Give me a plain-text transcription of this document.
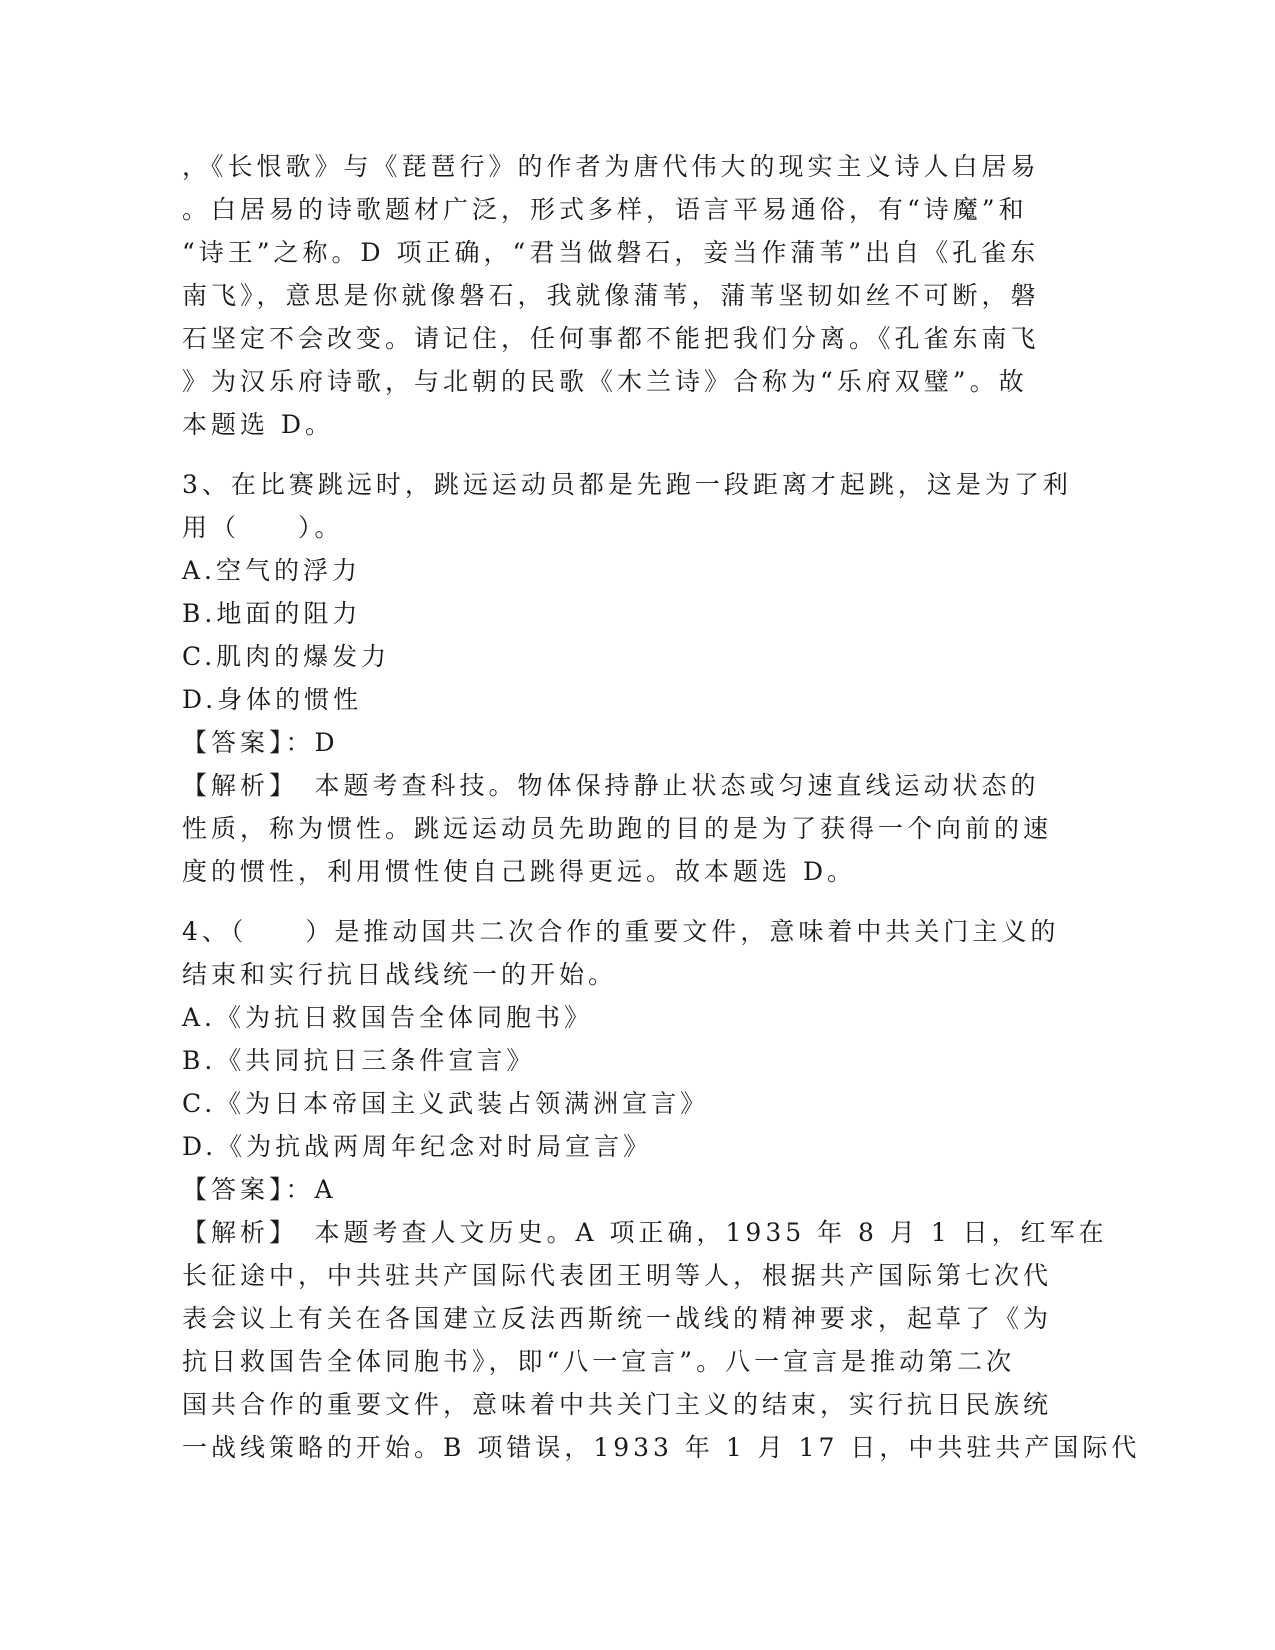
，《长恨歌》与《琵琶行》的作者为唐代伟大的现实主义诗人白居易
。白居易的诗歌题材广泛，形式多样，语言平易通俗，有“诗魔”和
“诗王”之称。D 项正确，“君当做磐石，妾当作蒲苇”出自《孔雀东
南飞》，意思是你就像磐石，我就像蒲苇，蒲苇坚韧如丝不可断，磐
石坚定不会改变。请记住，任何事都不能把我们分离。《孔雀东南飞
》为汉乐府诗歌，与北朝的民歌《木兰诗》合称为“乐府双璧”。故
本题选 D。
3、在比赛跳远时，跳远运动员都是先跑一段距离才起跳，这是为了利
用（　　）。
A.空气的浮力
B.地面的阻力
C.肌肉的爆发力
D.身体的惯性
【答案】：D
【解析】　本题考查科技。物体保持静止状态或匀速直线运动状态的
性质，称为惯性。跳远运动员先助跑的目的是为了获得一个向前的速
度的惯性，利用惯性使自己跳得更远。故本题选 D。
4、（　　）是推动国共二次合作的重要文件，意味着中共关门主义的
结束和实行抗日战线统一的开始。
A.《为抗日救国告全体同胞书》
B.《共同抗日三条件宣言》
C.《为日本帝国主义武装占领满洲宣言》
D.《为抗战两周年纪念对时局宣言》
【答案】：A
【解析】　本题考查人文历史。A 项正确，1935 年 8 月 1 日，红军在
长征途中，中共驻共产国际代表团王明等人，根据共产国际第七次代
表会议上有关在各国建立反法西斯统一战线的精神要求，起草了《为
抗日救国告全体同胞书》，即“八一宣言”。八一宣言是推动第二次
国共合作的重要文件，意味着中共关门主义的结束，实行抗日民族统
一战线策略的开始。B 项错误，1933 年 1 月 17 日，中共驻共产国际代
